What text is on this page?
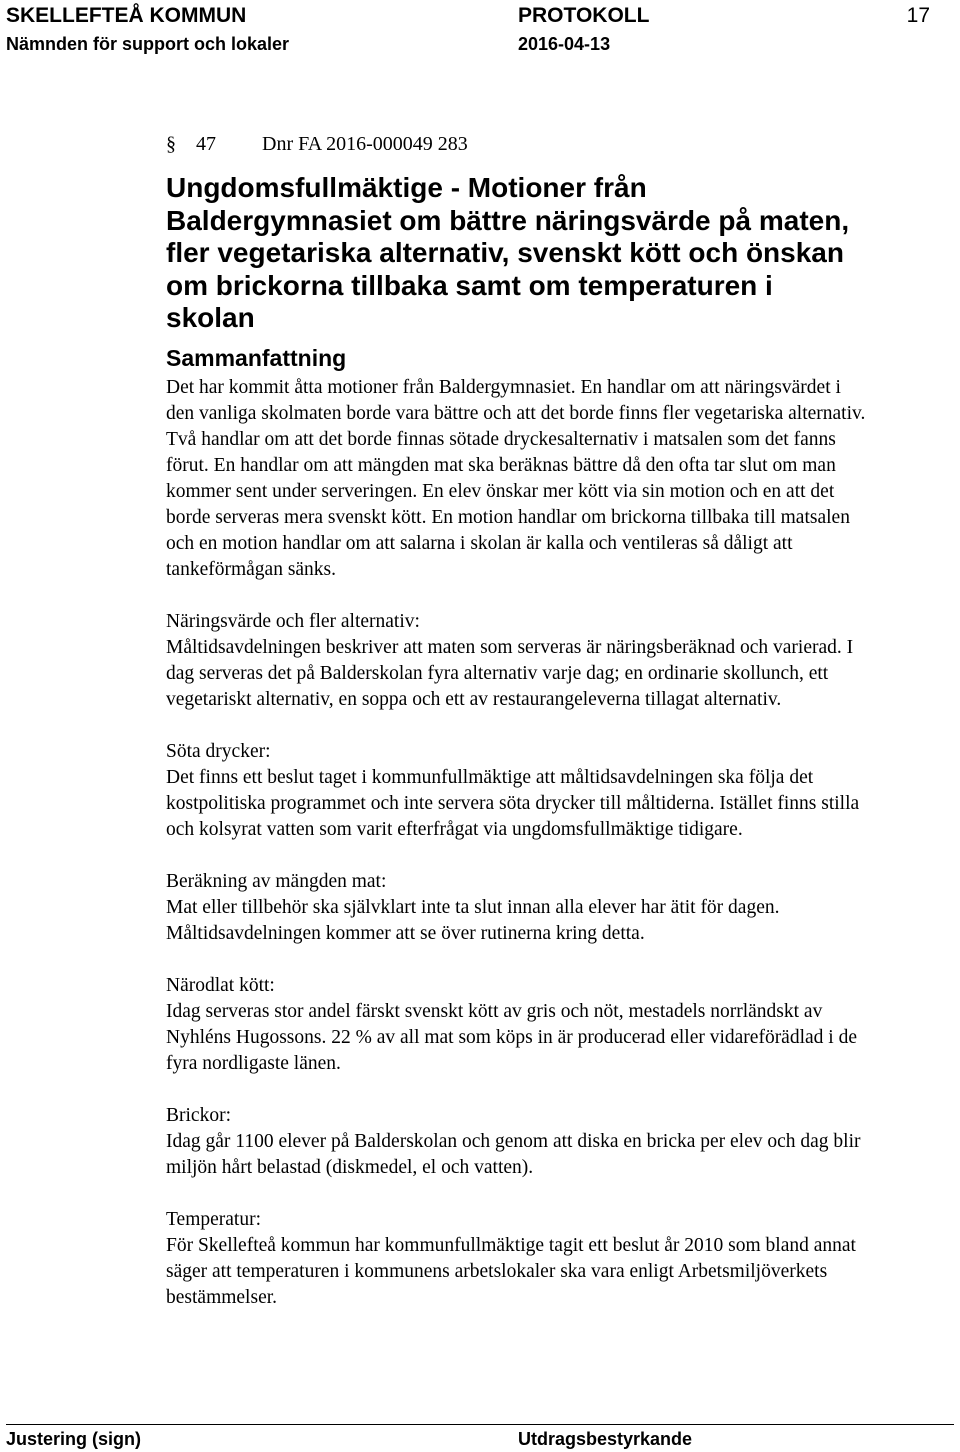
SKELLEFTEÅ KOMMUN	PROTOKOLL	17
Nämnden för support och lokaler	2016-04-13
§ 47 Dnr FA 2016-000049 283
Ungdomsfullmäktige - Motioner från Baldergymnasiet om bättre näringsvärde på maten, fler vegetariska alternativ, svenskt kött och önskan om brickorna tillbaka samt om temperaturen i skolan
Sammanfattning

Det har kommit åtta motioner från Baldergymnasiet. En handlar om att näringsvärdet i den vanliga skolmaten borde vara bättre och att det borde finns fler vegetariska alternativ. Två handlar om att det borde finnas sötade dryckesalternativ i matsalen som det fanns förut. En handlar om att mängden mat ska beräknas bättre då den ofta tar slut om man kommer sent under serveringen. En elev önskar mer kött via sin motion och en att det borde serveras mera svenskt kött. En motion handlar om brickorna tillbaka till matsalen och en motion handlar om att salarna i skolan är kalla och ventileras så dåligt att tankeförmågan sänks.

Näringsvärde och fler alternativ:

Måltidsavdelningen beskriver att maten som serveras är näringsberäknad och varierad. I dag serveras det på Balderskolan fyra alternativ varje dag; en ordinarie skollunch, ett vegetariskt alternativ, en soppa och ett av restaurangeleverna tillagat alternativ.

Söta drycker:

Det finns ett beslut taget i kommunfullmäktige att måltidsavdelningen ska följa det kostpolitiska programmet och inte servera söta drycker till måltiderna. Istället finns stilla och kolsyrat vatten som varit efterfrågat via ungdomsfullmäktige tidigare.

Beräkning av mängden mat:

Mat eller tillbehör ska självklart inte ta slut innan alla elever har ätit för dagen. Måltidsavdelningen kommer att se över rutinerna kring detta.

Närodlat kött:

Idag serveras stor andel färskt svenskt kött av gris och nöt, mestadels norrländskt av Nyhléns Hugossons. 22 % av all mat som köps in är producerad eller vidareförädlad i de fyra nordligaste länen.

Brickor:

Idag går 1100 elever på Balderskolan och genom att diska en bricka per elev och dag blir miljön hårt belastad (diskmedel, el och vatten).

Temperatur:

För Skellefteå kommun har kommunfullmäktige tagit ett beslut år 2010 som bland annat säger att temperaturen i kommunens arbetslokaler ska vara enligt Arbetsmiljöverkets bestämmelser.

Justering (sign)	Utdragsbestyrkande
